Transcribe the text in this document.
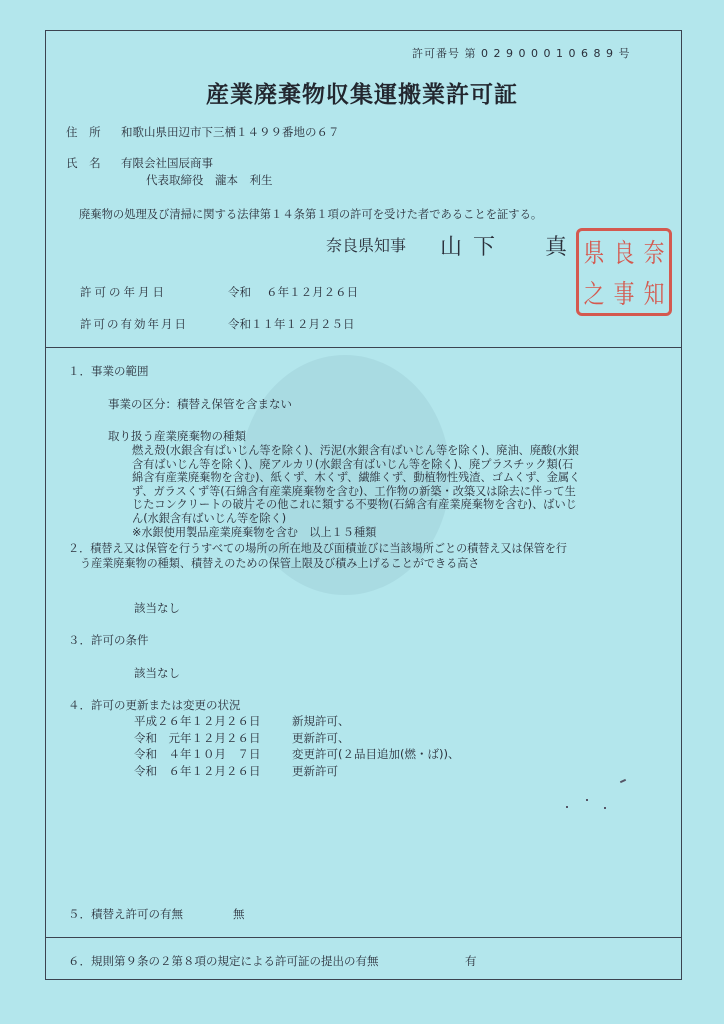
許可番号 第 0 2 9 0 0 0 1 0 6 8 9 号
産業廃棄物収集運搬業許可証
住 所 和歌山県田辺市下三栖１４９９番地の６７
氏 名 有限会社国辰商事
代表取締役　瀧本　利生
廃棄物の処理及び清掃に関する法律第１４条第１項の許可を受けた者であることを証する。
奈良県知事 山 下　　真 県 良 奈
之 事 知
許可の年月日	令和　 ６年１２月２６日
許可の有効年月日	令和１１年１２月２５日
１．事業の範囲
事業の区分：積替え保管を含まない
取り扱う産業廃棄物の種類
燃え殻(水銀含有ばいじん等を除く)、汚泥(水銀含有ばいじん等を除く)、廃油、廃酸(水銀
含有ばいじん等を除く)、廃アルカリ(水銀含有ばいじん等を除く)、廃プラスチック類(石
綿含有産業廃棄物を含む)、紙くず、木くず、繊維くず、動植物性残渣、ゴムくず、金属く
ず、ガラスくず等(石綿含有産業廃棄物を含む)、工作物の新築・改築又は除去に伴って生
じたコンクリートの破片その他これに類する不要物(石綿含有産業廃棄物を含む)、ばいじ
ん(水銀含有ばいじん等を除く)
※水銀使用製品産業廃棄物を含む　以上１５種類
２．積替え又は保管を行うすべての場所の所在地及び面積並びに当該場所ごとの積替え又は保管を行
う産業廃棄物の種類、積替えのための保管上限及び積み上げることができる高さ
該当なし
３．許可の条件
該当なし
４．許可の更新または変更の状況
平成２６年１２月２６日	新規許可、
令和　元年１２月２６日	更新許可、
令和　４年１０月　７日	変更許可(２品目追加(燃・ば))、
令和　６年１２月２６日	更新許可
５．積替え許可の有無	無
６．規則第９条の２第８項の規定による許可証の提出の有無	有
